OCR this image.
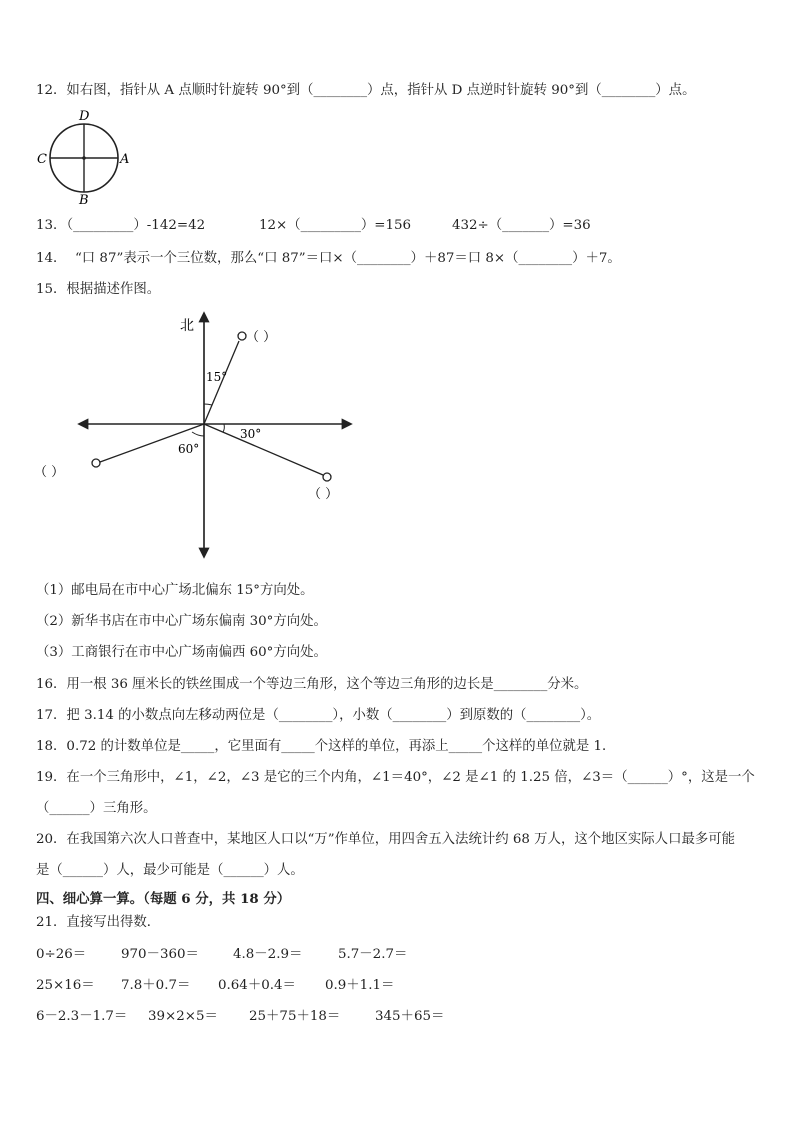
12．如右图，指针从 A 点顺时针旋转 90°到（________）点，指针从 D 点逆时针旋转 90°到（________）点。
D
A
B
C
13．（_________）-142=42	12×（_________）=156	432÷（_______）=36
14．  “口 87”表示一个三位数，那么“口 87”＝口×（________）＋87＝口 8×（________）＋7。
15．根据描述作图。
北
15°
（ ）
30°
（ ）
60°
（ ）
（1）邮电局在市中心广场北偏东 15°方向处。
（2）新华书店在市中心广场东偏南 30°方向处。
（3）工商银行在市中心广场南偏西 60°方向处。
16．用一根 36 厘米长的铁丝围成一个等边三角形，这个等边三角形的边长是________分米。
17．把 3.14 的小数点向左移动两位是（________），小数（________）到原数的（________）。
18．0.72 的计数单位是_____，它里面有_____个这样的单位，再添上_____个这样的单位就是 1．
19．在一个三角形中，∠1，∠2，∠3 是它的三个内角，∠1＝40°，∠2 是∠1 的 1.25 倍，∠3＝（______）°，这是一个
（______）三角形。
20．在我国第六次人口普查中，某地区人口以“万”作单位，用四舍五入法统计约 68 万人，这个地区实际人口最多可能
是（______）人，最少可能是（______）人。
四、细心算一算。（每题 6 分，共 18 分）
21．直接写出得数．
0÷26＝	970－360＝	4.8－2.9＝	5.7－2.7＝
25×16＝ 7.8＋0.7＝ 0.64＋0.4＝ 0.9＋1.1＝
6－2.3－1.7＝ 39×2×5＝ 25＋75＋18＝	345＋65＝
